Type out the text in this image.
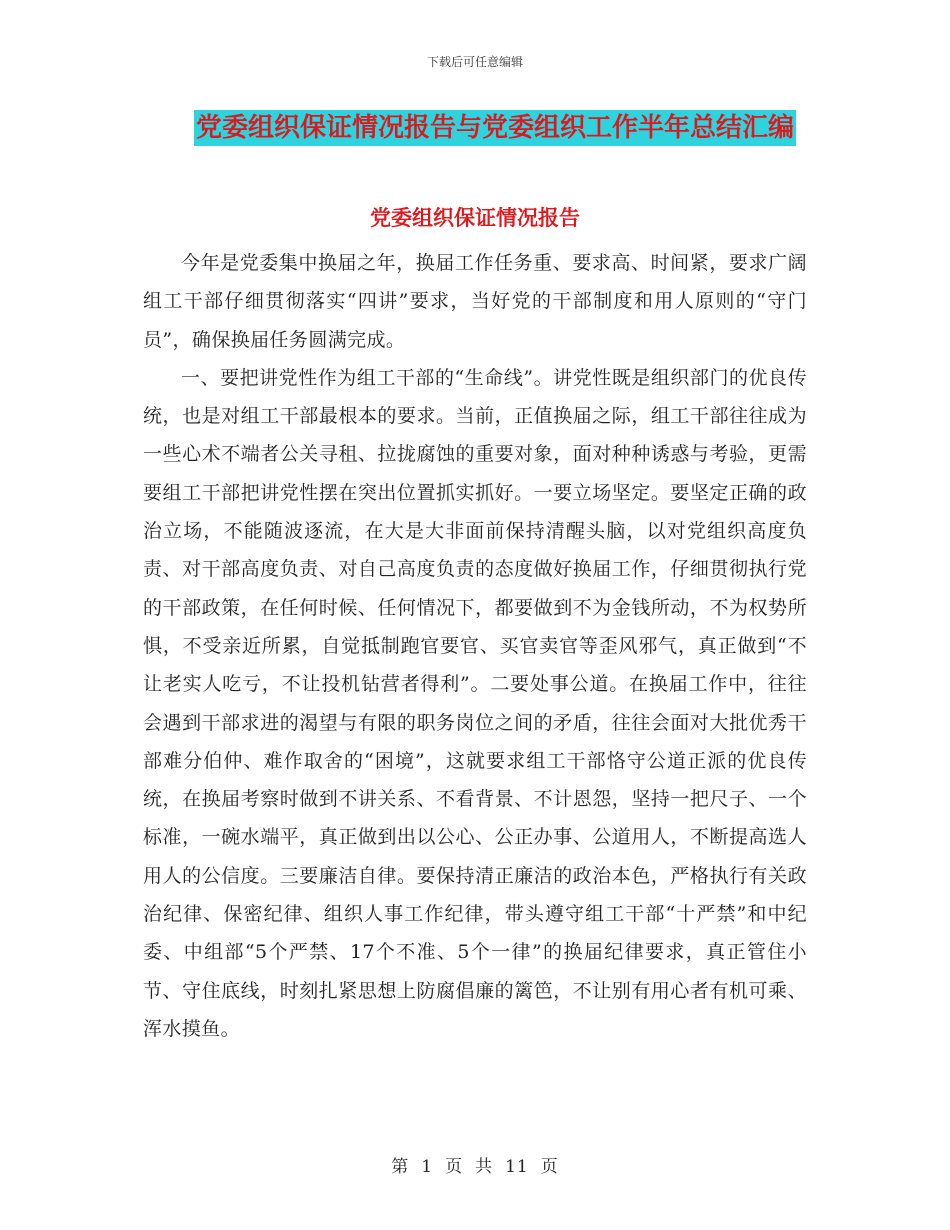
下载后可任意编辑
党委组织保证情况报告与党委组织工作半年总结汇编
党委组织保证情况报告

今年是党委集中换届之年，换届工作任务重、要求高、时间紧，要求广阔组工干部仔细贯彻落实“四讲”要求，当好党的干部制度和用人原则的“守门员”，确保换届任务圆满完成。

一、要把讲党性作为组工干部的“生命线”。讲党性既是组织部门的优良传统，也是对组工干部最根本的要求。当前，正值换届之际，组工干部往往成为一些心术不端者公关寻租、拉拢腐蚀的重要对象，面对种种诱惑与考验，更需要组工干部把讲党性摆在突出位置抓实抓好。一要立场坚定。要坚定正确的政治立场，不能随波逐流，在大是大非面前保持清醒头脑，以对党组织高度负责、对干部高度负责、对自己高度负责的态度做好换届工作，仔细贯彻执行党的干部政策，在任何时候、任何情况下，都要做到不为金钱所动，不为权势所惧，不受亲近所累，自觉抵制跑官要官、买官卖官等歪风邪气，真正做到“不让老实人吃亏，不让投机钻营者得利”。二要处事公道。在换届工作中，往往会遇到干部求进的渴望与有限的职务岗位之间的矛盾，往往会面对大批优秀干部难分伯仲、难作取舍的“困境”，这就要求组工干部恪守公道正派的优良传统，在换届考察时做到不讲关系、不看背景、不计恩怨，坚持一把尺子、一个标准，一碗水端平，真正做到出以公心、公正办事、公道用人，不断提高选人用人的公信度。三要廉洁自律。要保持清正廉洁的政治本色，严格执行有关政治纪律、保密纪律、组织人事工作纪律，带头遵守组工干部“十严禁”和中纪委、中组部“5个严禁、17个不准、5个一律”的换届纪律要求，真正管住小节、守住底线，时刻扎紧思想上防腐倡廉的篱笆，不让别有用心者有机可乘、浑水摸鱼。

第 1 页 共 11 页
